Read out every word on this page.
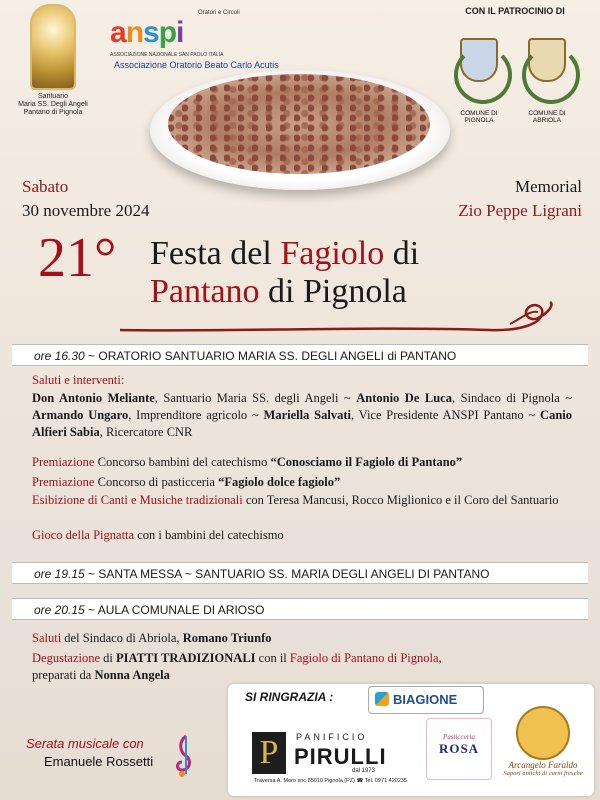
Santuario
Maria SS. Degli Angeli
Pantano di Pignola
Oratori e Circoli
anspi
ASSOCIAZIONE NAZIONALE SAN PAOLO ITALIA
Associazione Oratorio Beato Carlo Acutis
CON IL PATROCINIO DI
COMUNE DI PIGNOLA
COMUNE DI ABRIOLA
Sabato
30 novembre 2024
Memorial
Zio Peppe Ligrani
21° Festa del Fagiolo di
Pantano di Pignola
ore 16.30 ~ ORATORIO SANTUARIO MARIA SS. DEGLI ANGELI di PANTANO
Saluti e interventi:
Don Antonio Meliante, Santuario Maria SS. degli Angeli ~ Antonio De Luca, Sindaco di Pignola ~ Armando Ungaro, Imprenditore agricolo ~ Mariella Salvati, Vice Presidente ANSPI Pantano ~ Canio Alfieri Sabia, Ricercatore CNR
Premiazione Concorso bambini del catechismo “Conosciamo il Fagiolo di Pantano”
Premiazione Concorso di pasticceria “Fagiolo dolce fagiolo”
Esibizione di Canti e Musiche tradizionali con Teresa Mancusi, Rocco Miglionico e il Coro del Santuario
Gioco della Pignatta con i bambini del catechismo
ore 19.15 ~ SANTA MESSA ~ SANTUARIO SS. MARIA DEGLI ANGELI DI PANTANO
ore 20.15 ~ AULA COMUNALE DI ARIOSO
Saluti del Sindaco di Abriola, Romano Triunfo
Degustazione di PIATTI TRADIZIONALI con il Fagiolo di Pantano di Pignola,
preparati da Nonna Angela
Serata musicale con
Emanuele Rossetti
SI RINGRAZIA :	BIAGIONE
P	PANIFICIO
PIRULLI
dal 1973
Traversa A. Moro snc 85010 Pignola (PZ) ☎ Tel. 0971 420235
Pasticceria
ROSA
Arcangelo Faraldo
Sapori antichi di carni fresche
